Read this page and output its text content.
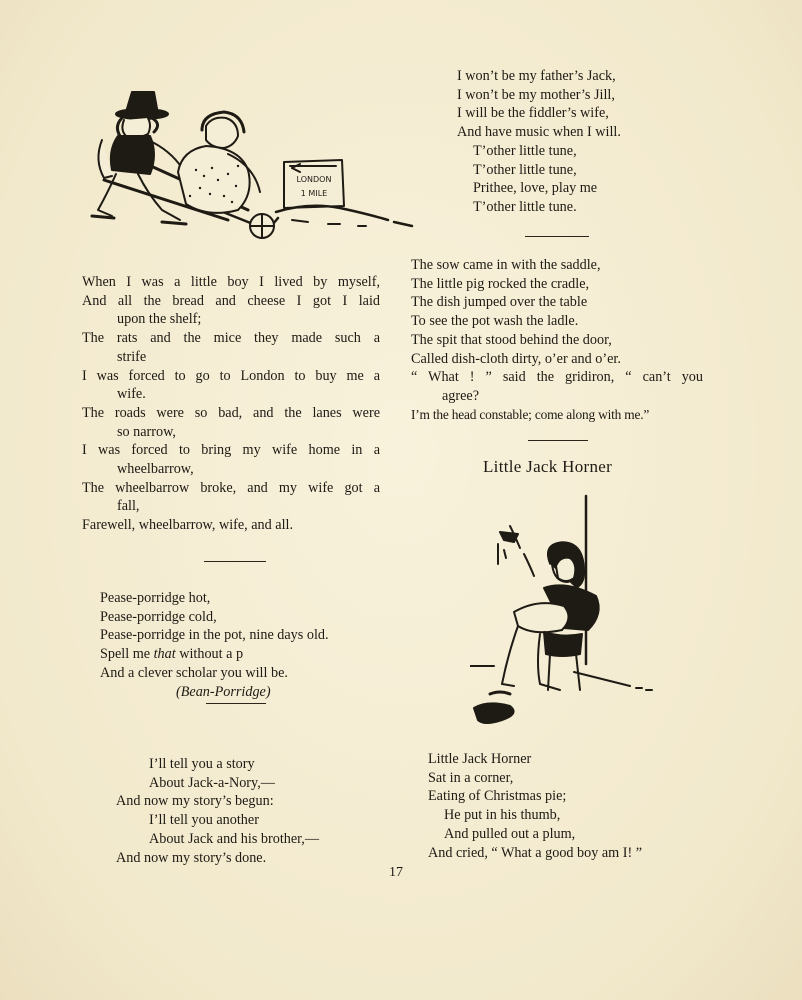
LONDON
1 MILE
I won’t be my father’s Jack,
I won’t be my mother’s Jill,
I will be the fiddler’s wife,
And have music when I will.
T’other little tune,
T’other little tune,
Prithee, love, play me
T’other little tune.
When I was a little boy I lived by myself,
And all the bread and cheese I got I laid
upon the shelf;
The rats and the mice they made such a
strife
I was forced to go to London to buy me a
wife.
The roads were so bad, and the lanes were
so narrow,
I was forced to bring my wife home in a
wheelbarrow,
The wheelbarrow broke, and my wife got a
fall,
Farewell, wheelbarrow, wife, and all.
The sow came in with the saddle,
The little pig rocked the cradle,
The dish jumped over the table
To see the pot wash the ladle.
The spit that stood behind the door,
Called dish-cloth dirty, o’er and o’er.
“ What ! ” said the gridiron, “ can’t you
agree?
I’m the head constable; come along with me.”
Little Jack Horner
Pease-porridge hot,
Pease-porridge cold,
Pease-porridge in the pot, nine days old.
Spell me that without a p
And a clever scholar you will be.
(Bean-Porridge)
I’ll tell you a story
About Jack-a-Nory,—
And now my story’s begun:
I’ll tell you another
About Jack and his brother,—
And now my story’s done.
Little Jack Horner
Sat in a corner,
Eating of Christmas pie;
He put in his thumb,
And pulled out a plum,
And cried, “ What a good boy am I! ”
17
